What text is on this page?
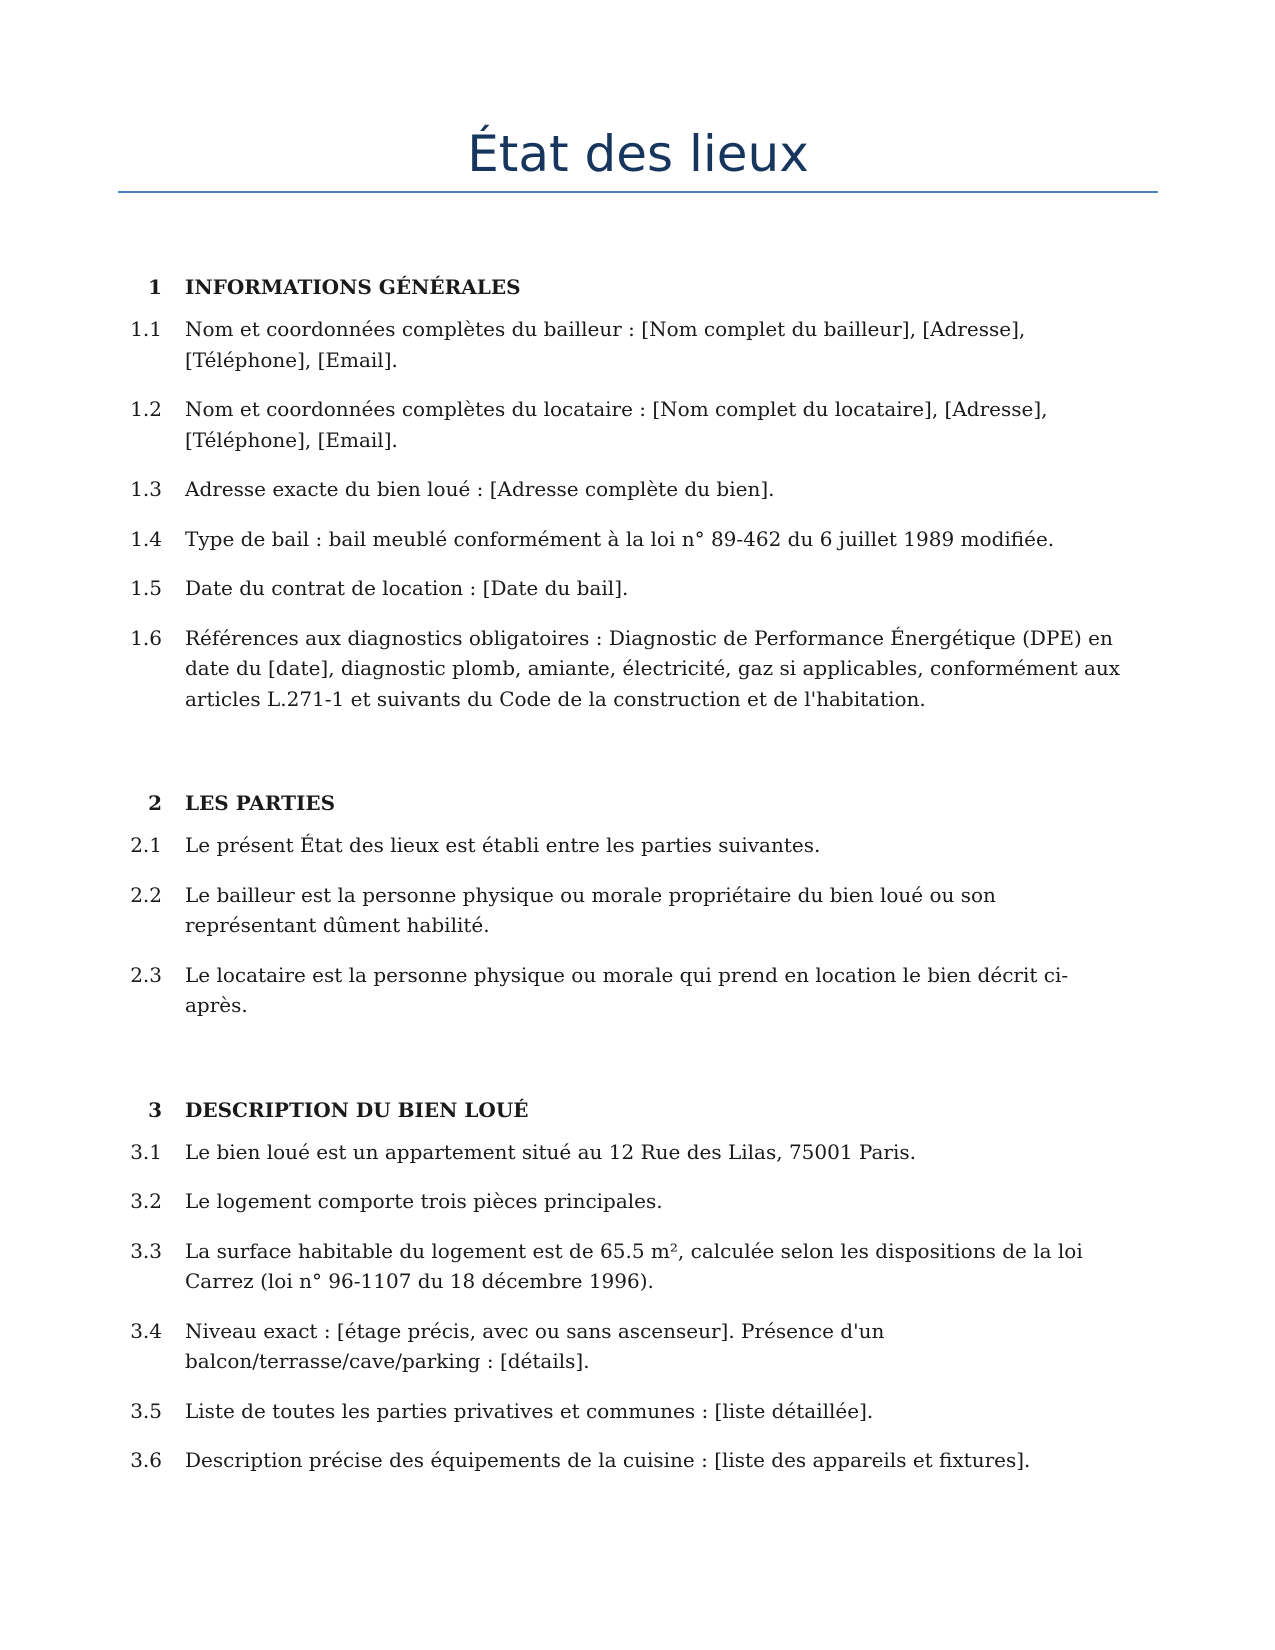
État des lieux
1	INFORMATIONS GÉNÉRALES
1.1	Nom et coordonnées complètes du bailleur : [Nom complet du bailleur], [Adresse], [Téléphone], [Email].
1.2	Nom et coordonnées complètes du locataire : [Nom complet du locataire], [Adresse], [Téléphone], [Email].
1.3	Adresse exacte du bien loué : [Adresse complète du bien].
1.4	Type de bail : bail meublé conformément à la loi n° 89-462 du 6 juillet 1989 modifiée.
1.5	Date du contrat de location : [Date du bail].
1.6	Références aux diagnostics obligatoires : Diagnostic de Performance Énergétique (DPE) en date du [date], diagnostic plomb, amiante, électricité, gaz si applicables, conformément aux articles L.271-1 et suivants du Code de la construction et de l'habitation.
2	LES PARTIES
2.1	Le présent État des lieux est établi entre les parties suivantes.
2.2	Le bailleur est la personne physique ou morale propriétaire du bien loué ou son représentant dûment habilité.
2.3	Le locataire est la personne physique ou morale qui prend en location le bien décrit ci-après.
3	DESCRIPTION DU BIEN LOUÉ
3.1	Le bien loué est un appartement situé au 12 Rue des Lilas, 75001 Paris.
3.2	Le logement comporte trois pièces principales.
3.3	La surface habitable du logement est de 65.5 m², calculée selon les dispositions de la loi Carrez (loi n° 96-1107 du 18 décembre 1996).
3.4	Niveau exact : [étage précis, avec ou sans ascenseur]. Présence d'un balcon/terrasse/cave/parking : [détails].
3.5	Liste de toutes les parties privatives et communes : [liste détaillée].
3.6	Description précise des équipements de la cuisine : [liste des appareils et fixtures].
